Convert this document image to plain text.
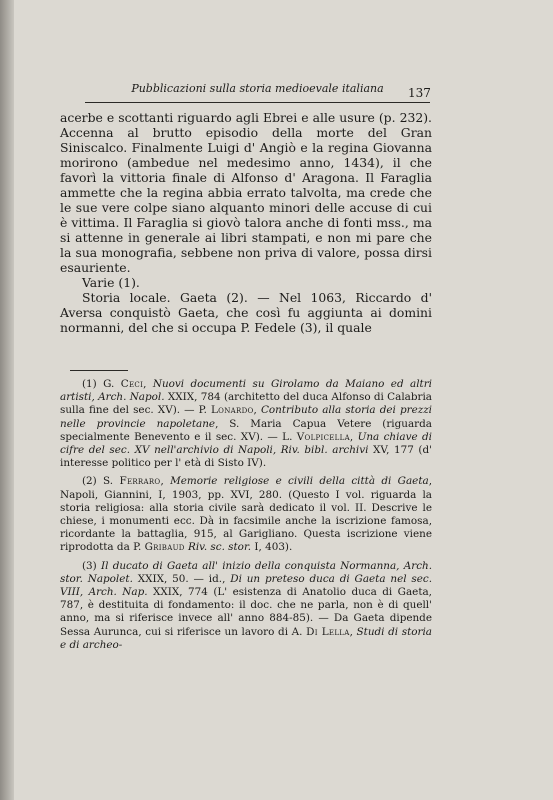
Pubblicazioni sulla storia medioevale italiana	137

acerbe e scottanti riguardo agli Ebrei e alle usure (p. 232). Accenna al brutto episodio della morte del Gran Siniscalco. Finalmente Luigi d' Angiò e la regina Giovanna morirono (ambedue nel medesimo anno, 1434), il che favorì la vittoria finale di Alfonso d' Aragona. Il Faraglia ammette che la regina abbia errato talvolta, ma crede che le sue vere colpe siano alquanto minori delle accuse di cui è vittima. Il Faraglia si giovò talora anche di fonti mss., ma si attenne in generale ai libri stampati, e non mi pare che la sua monografia, sebbene non priva di valore, possa dirsi esauriente.

Varie (1).

Storia locale. Gaeta (2). — Nel 1063, Riccardo d' Aversa conquistò Gaeta, che così fu aggiunta ai domini normanni, del che si occupa P. Fedele (3), il quale

(1) G. Ceci, Nuovi documenti su Girolamo da Maiano ed altri artisti, Arch. Napol. XXIX, 784 (architetto del duca Alfonso di Calabria sulla fine del sec. XV). — P. Lonardo, Contributo alla storia dei prezzi nelle provincie napoletane, S. Maria Capua Vetere (riguarda specialmente Benevento e il sec. XV). — L. Volpicella, Una chiave di cifre del sec. XV nell'archivio di Napoli, Riv. bibl. archivi XV, 177 (d' interesse politico per l' età di Sisto IV).

(2) S. Ferraro, Memorie religiose e civili della città di Gaeta, Napoli, Giannini, I, 1903, pp. XVI, 280. (Questo I vol. riguarda la storia religiosa: alla storia civile sarà dedicato il vol. II. Descrive le chiese, i monumenti ecc. Dà in facsimile anche la iscrizione famosa, ricordante la battaglia, 915, al Garigliano. Questa iscrizione viene riprodotta da P. Gribaud Riv. sc. stor. I, 403).

(3) Il ducato di Gaeta all' inizio della conquista Normanna, Arch. stor. Napolet. XXIX, 50. — id., Di un preteso duca di Gaeta nel sec. VIII, Arch. Nap. XXIX, 774 (L' esistenza di Anatolio duca di Gaeta, 787, è destituita di fondamento: il doc. che ne parla, non è di quell' anno, ma si riferisce invece all' anno 884-85). — Da Gaeta dipende Sessa Aurunca, cui si riferisce un lavoro di A. Di Lella, Studi di storia e di archeo-
